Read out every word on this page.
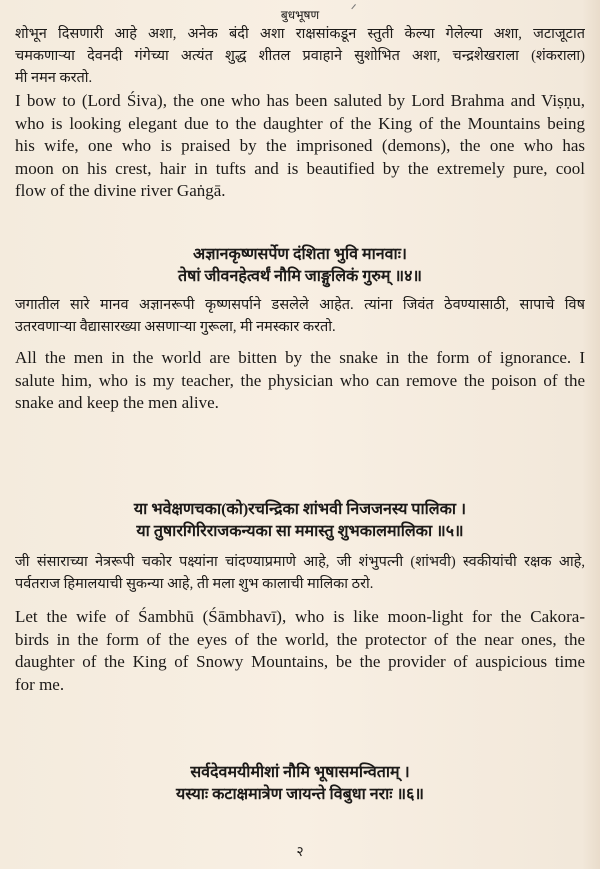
बुधभूषण
शोभून दिसणारी आहे अशा, अनेक बंदी अशा राक्षसांकडून स्तुती केल्या गेलेल्या अशा, जटाजूटात
चमकणाऱ्या देवनदी गंगेच्या अत्यंत शुद्ध शीतल प्रवाहाने सुशोभित अशा, चन्द्रशेखराला (शंकराला)
मी नमन करतो.
I bow to (Lord Śiva), the one who has been saluted by Lord Brahma and Viṣṇu,
who is looking elegant due to the daughter of the King of the Mountains being
his wife, one who is praised by the imprisoned (demons), the one who has
moon on his crest, hair in tufts and is beautified by the extremely pure, cool
flow of the divine river Gaṅgā.
अज्ञानकृष्णसर्पेण दंशिता भुवि मानवाः।
तेषां जीवनहेत्वर्थं नौमि जाङ्गुलिकं गुरुम् ॥४॥
जगातील सारे मानव अज्ञानरूपी कृष्णसर्पाने डसलेले आहेत. त्यांना जिवंत ठेवण्यासाठी, सापाचे विष
उतरवणाऱ्या वैद्यासारख्या असणाऱ्या गुरूला, मी नमस्कार करतो.
All the men in the world are bitten by the snake in the form of ignorance. I
salute him, who is my teacher, the physician who can remove the poison of the
snake and keep the men alive.
या भवेक्षणचका(को)रचन्द्रिका शांभवी निजजनस्य पालिका ।
या तुषारगिरिराजकन्यका सा ममास्तु शुभकालमालिका ॥५॥
जी संसाराच्या नेत्ररूपी चकोर पक्ष्यांना चांदण्याप्रमाणे आहे, जी शंभुपत्नी (शांभवी) स्वकीयांची रक्षक आहे,
पर्वतराज हिमालयाची सुकन्या आहे, ती मला शुभ कालाची मालिका ठरो.
Let the wife of Śambhū (Śāmbhavī), who is like moon-light for the Cakora-
birds in the form of the eyes of the world, the protector of the near ones, the
daughter of the King of Snowy Mountains, be the provider of auspicious time
for me.
सर्वदेवमयीमीशां नौमि भूषासमन्विताम् ।
यस्याः कटाक्षमात्रेण जायन्ते विबुधा नराः ॥६॥
२
